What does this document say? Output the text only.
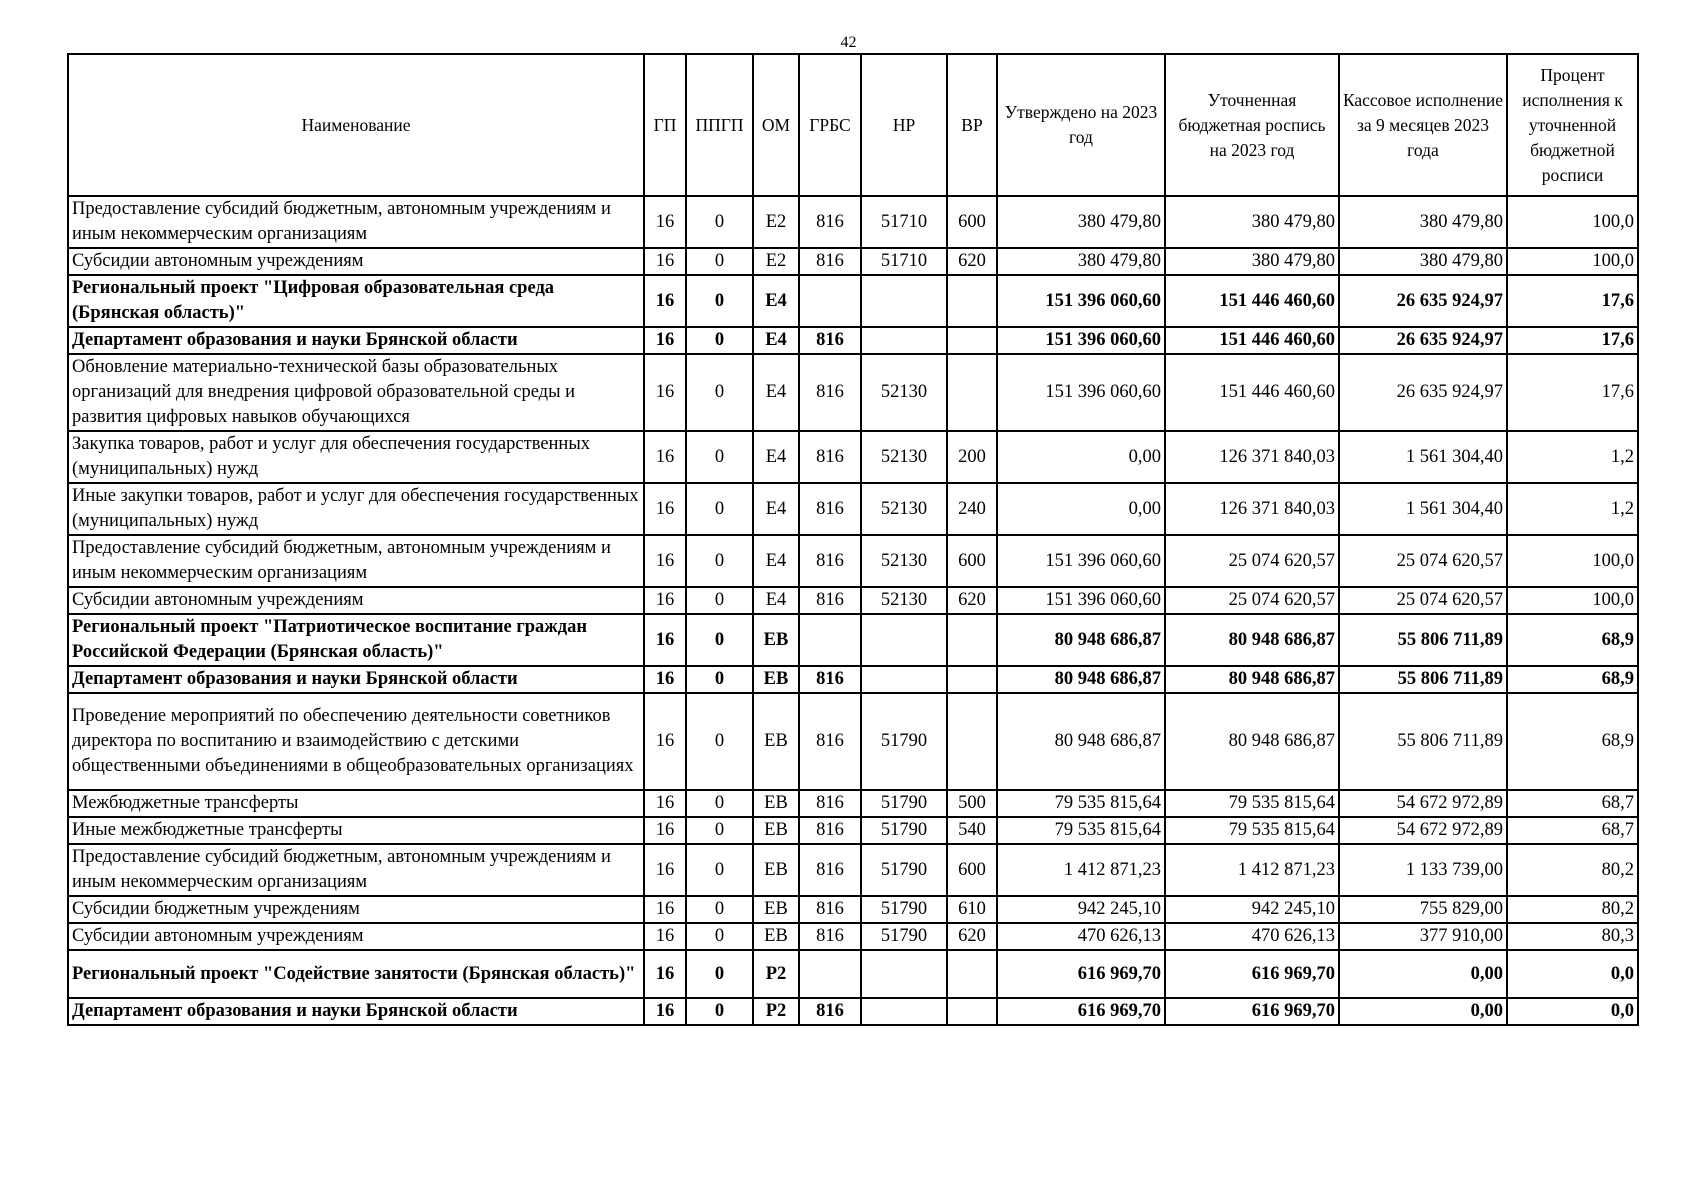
42
Наименование	ГП	ППГП	ОМ	ГРБС	НР	ВР	Утверждено на 2023 год	Уточненная бюджетная роспись на 2023 год	Кассовое исполнение за 9 месяцев 2023 года	Процент исполнения к уточненной бюджетной росписи
Предоставление субсидий бюджетным, автономным учреждениям и иным некоммерческим организациям	16	0	Е2	816	51710	600	380 479,80	380 479,80	380 479,80	100,0
Субсидии автономным учреждениям	16	0	Е2	816	51710	620	380 479,80	380 479,80	380 479,80	100,0
Региональный проект "Цифровая образовательная среда (Брянская область)"	16	0	Е4				151 396 060,60	151 446 460,60	26 635 924,97	17,6
Департамент образования и науки Брянской области	16	0	Е4	816			151 396 060,60	151 446 460,60	26 635 924,97	17,6
Обновление материально-технической базы образовательных организаций для внедрения цифровой образовательной среды и развития цифровых навыков обучающихся	16	0	Е4	816	52130		151 396 060,60	151 446 460,60	26 635 924,97	17,6
Закупка товаров, работ и услуг для обеспечения государственных (муниципальных) нужд	16	0	Е4	816	52130	200	0,00	126 371 840,03	1 561 304,40	1,2
Иные закупки товаров, работ и услуг для обеспечения государственных (муниципальных) нужд	16	0	Е4	816	52130	240	0,00	126 371 840,03	1 561 304,40	1,2
Предоставление субсидий бюджетным, автономным учреждениям и иным некоммерческим организациям	16	0	Е4	816	52130	600	151 396 060,60	25 074 620,57	25 074 620,57	100,0
Субсидии автономным учреждениям	16	0	Е4	816	52130	620	151 396 060,60	25 074 620,57	25 074 620,57	100,0
Региональный проект "Патриотическое воспитание граждан Российской Федерации (Брянская область)"	16	0	ЕВ				80 948 686,87	80 948 686,87	55 806 711,89	68,9
Департамент образования и науки Брянской области	16	0	ЕВ	816			80 948 686,87	80 948 686,87	55 806 711,89	68,9
Проведение мероприятий по обеспечению деятельности советников директора по воспитанию и взаимодействию с детскими общественными объединениями в общеобразовательных организациях	16	0	ЕВ	816	51790		80 948 686,87	80 948 686,87	55 806 711,89	68,9
Межбюджетные трансферты	16	0	ЕВ	816	51790	500	79 535 815,64	79 535 815,64	54 672 972,89	68,7
Иные межбюджетные трансферты	16	0	ЕВ	816	51790	540	79 535 815,64	79 535 815,64	54 672 972,89	68,7
Предоставление субсидий бюджетным, автономным учреждениям и иным некоммерческим организациям	16	0	ЕВ	816	51790	600	1 412 871,23	1 412 871,23	1 133 739,00	80,2
Субсидии бюджетным учреждениям	16	0	ЕВ	816	51790	610	942 245,10	942 245,10	755 829,00	80,2
Субсидии автономным учреждениям	16	0	ЕВ	816	51790	620	470 626,13	470 626,13	377 910,00	80,3
Региональный проект "Содействие занятости (Брянская область)"	16	0	Р2				616 969,70	616 969,70	0,00	0,0
Департамент образования и науки Брянской области	16	0	Р2	816			616 969,70	616 969,70	0,00	0,0
